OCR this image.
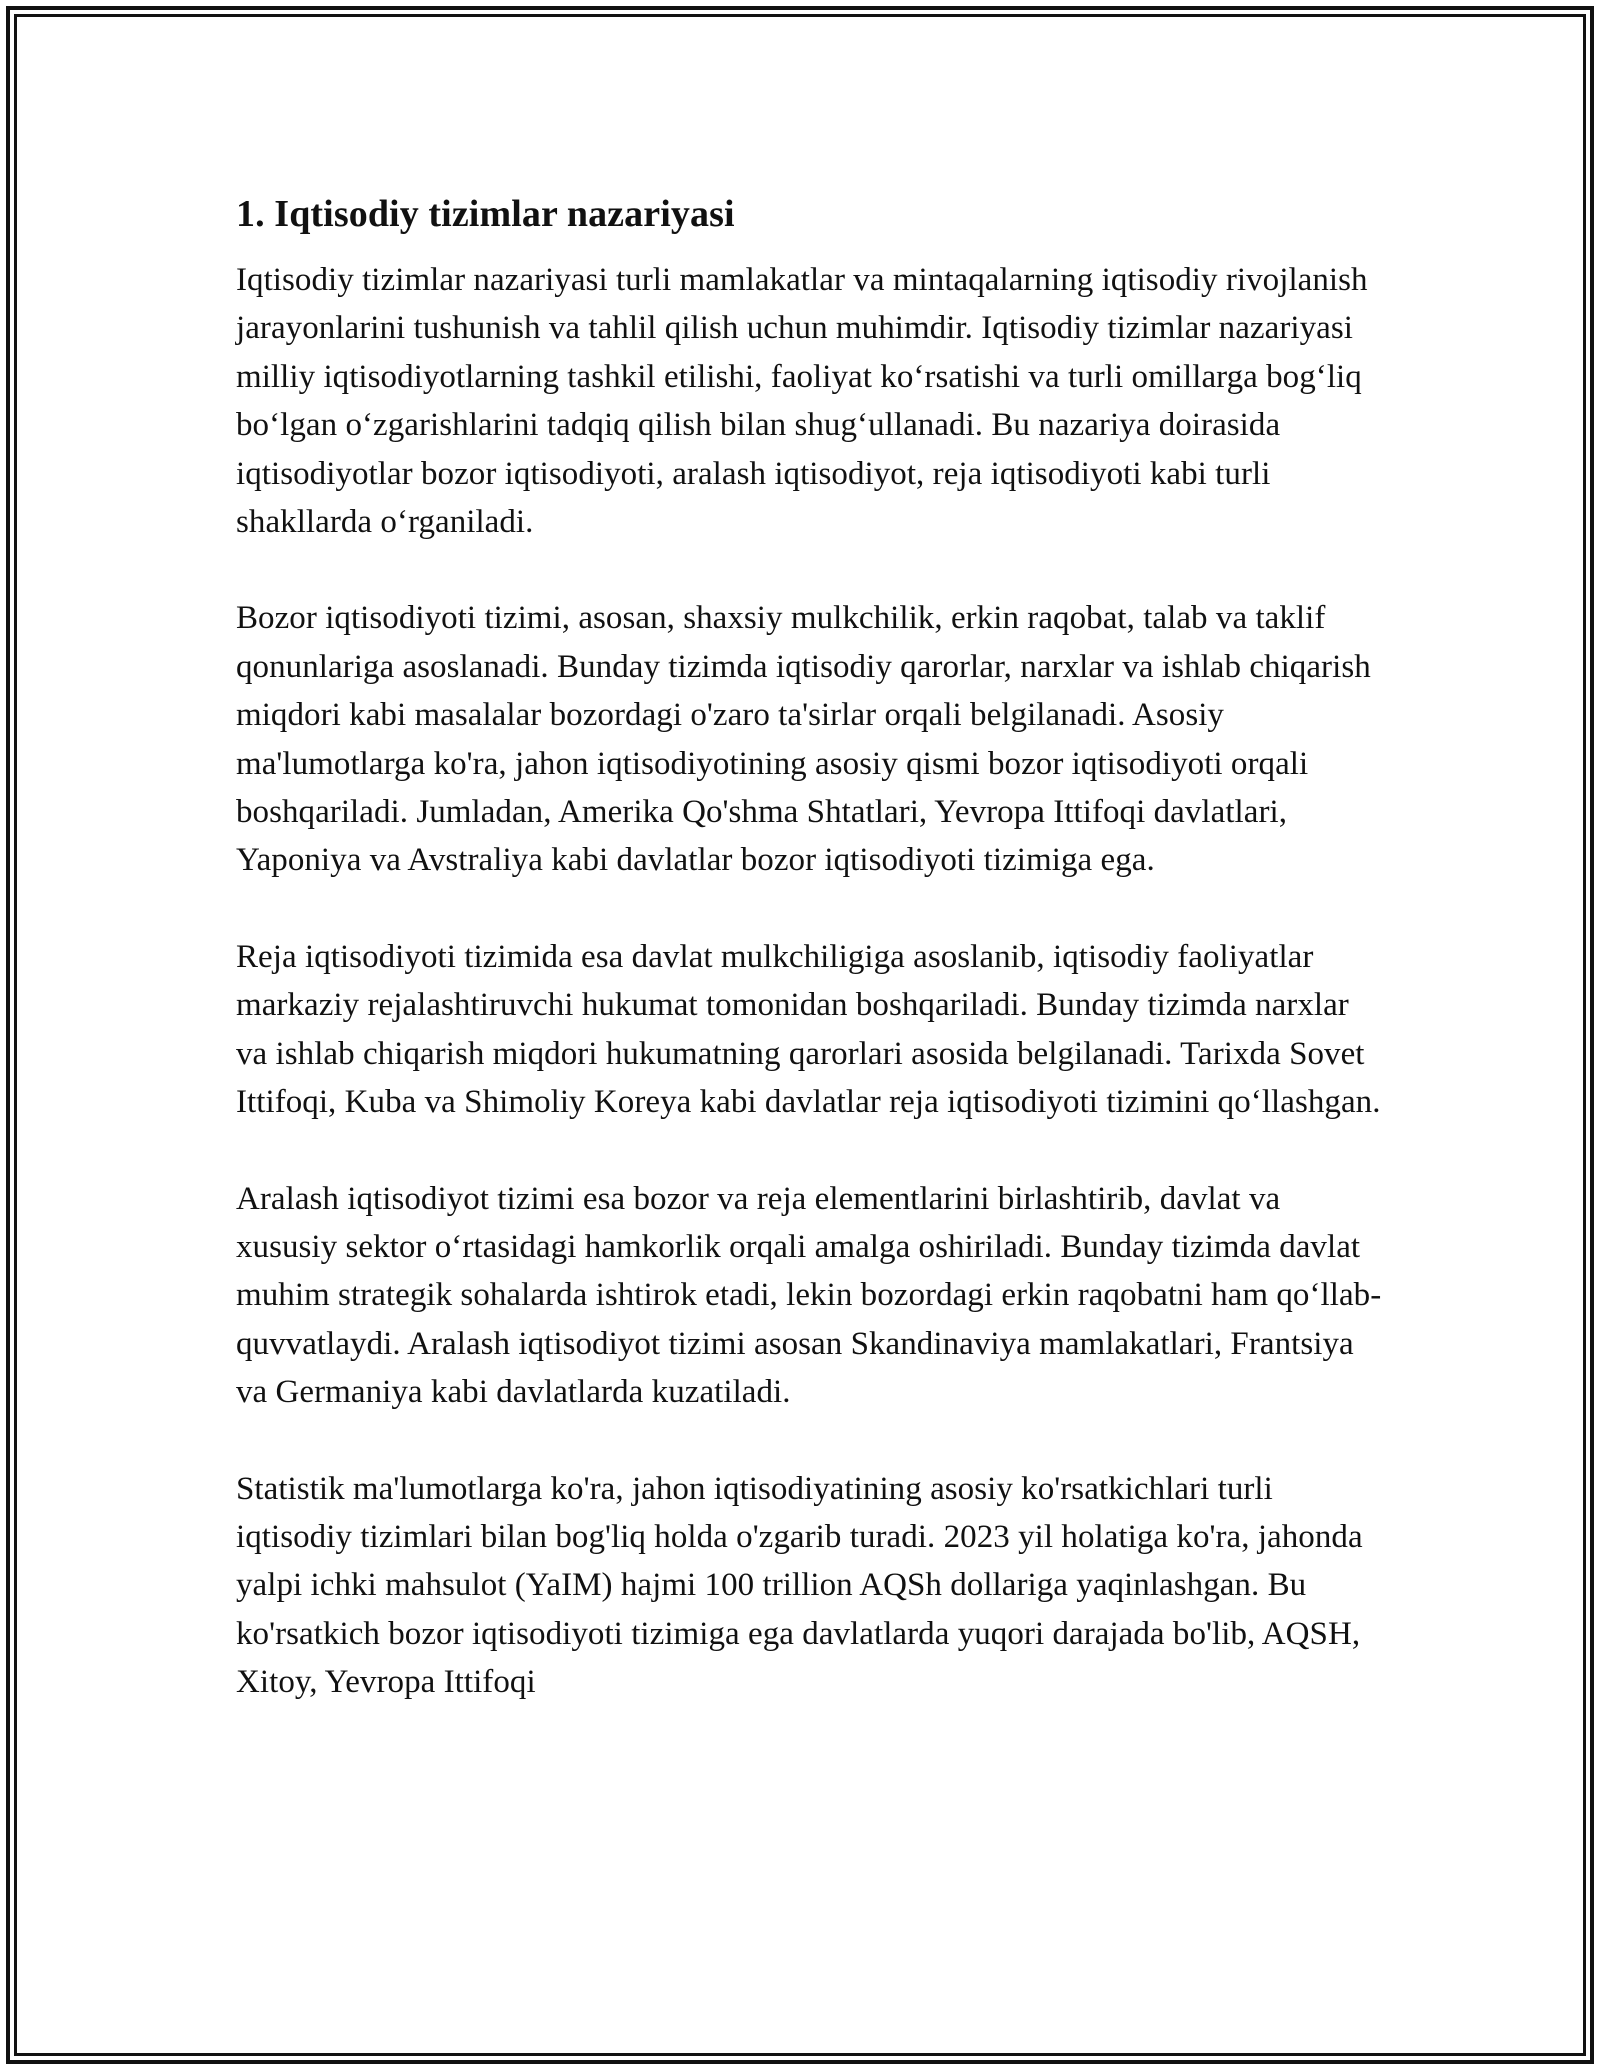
1. Iqtisodiy tizimlar nazariyasi

Iqtisodiy tizimlar nazariyasi turli mamlakatlar va mintaqalarning iqtisodiy rivojlanish jarayonlarini tushunish va tahlil qilish uchun muhimdir. Iqtisodiy tizimlar nazariyasi milliy iqtisodiyotlarning tashkil etilishi, faoliyat ko‘rsatishi va turli omillarga bog‘liq bo‘lgan o‘zgarishlarini tadqiq qilish bilan shug‘ullanadi. Bu nazariya doirasida iqtisodiyotlar bozor iqtisodiyoti, aralash iqtisodiyot, reja iqtisodiyoti kabi turli shakllarda o‘rganiladi.

Bozor iqtisodiyoti tizimi, asosan, shaxsiy mulkchilik, erkin raqobat, talab va taklif qonunlariga asoslanadi. Bunday tizimda iqtisodiy qarorlar, narxlar va ishlab chiqarish miqdori kabi masalalar bozordagi o'zaro ta'sirlar orqali belgilanadi. Asosiy ma'lumotlarga ko'ra, jahon iqtisodiyotining asosiy qismi bozor iqtisodiyoti orqali boshqariladi. Jumladan, Amerika Qo'shma Shtatlari, Yevropa Ittifoqi davlatlari, Yaponiya va Avstraliya kabi davlatlar bozor iqtisodiyoti tizimiga ega.

Reja iqtisodiyoti tizimida esa davlat mulkchiligiga asoslanib, iqtisodiy faoliyatlar markaziy rejalashtiruvchi hukumat tomonidan boshqariladi. Bunday tizimda narxlar va ishlab chiqarish miqdori hukumatning qarorlari asosida belgilanadi. Tarixda Sovet Ittifoqi, Kuba va Shimoliy Koreya kabi davlatlar reja iqtisodiyoti tizimini qo‘llashgan.

Aralash iqtisodiyot tizimi esa bozor va reja elementlarini birlashtirib, davlat va xususiy sektor o‘rtasidagi hamkorlik orqali amalga oshiriladi. Bunday tizimda davlat muhim strategik sohalarda ishtirok etadi, lekin bozordagi erkin raqobatni ham qo‘llab-quvvatlaydi. Aralash iqtisodiyot tizimi asosan Skandinaviya mamlakatlari, Frantsiya va Germaniya kabi davlatlarda kuzatiladi.

Statistik ma'lumotlarga ko'ra, jahon iqtisodiyatining asosiy ko'rsatkichlari turli iqtisodiy tizimlari bilan bog'liq holda o'zgarib turadi. 2023 yil holatiga ko'ra, jahonda yalpi ichki mahsulot (YaIM) hajmi 100 trillion AQSh dollariga yaqinlashgan. Bu ko'rsatkich bozor iqtisodiyoti tizimiga ega davlatlarda yuqori darajada bo'lib, AQSH, Xitoy, Yevropa Ittifoqi
